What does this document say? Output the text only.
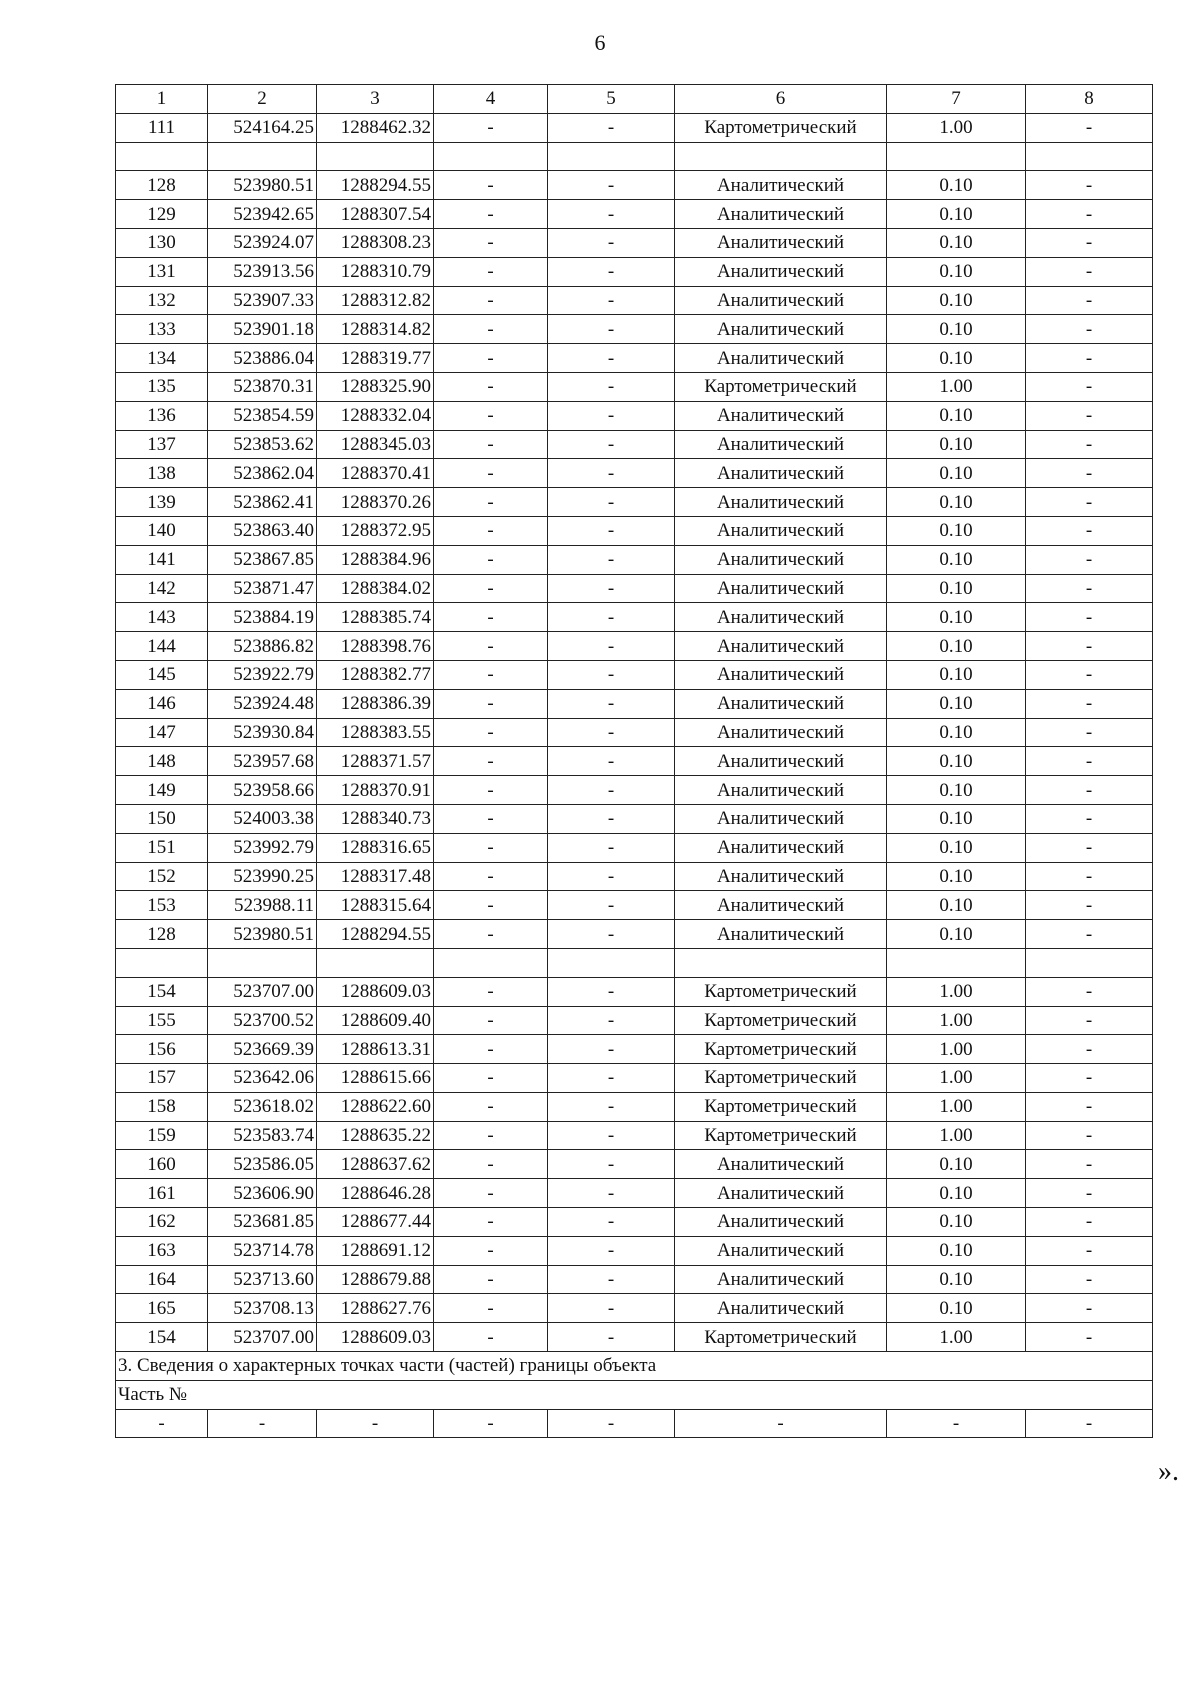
6
1	2	3	4	5	6	7	8
111	524164.25	1288462.32	-	-	Картометрический	1.00	-

128	523980.51	1288294.55	-	-	Аналитический	0.10	-
129	523942.65	1288307.54	-	-	Аналитический	0.10	-
130	523924.07	1288308.23	-	-	Аналитический	0.10	-
131	523913.56	1288310.79	-	-	Аналитический	0.10	-
132	523907.33	1288312.82	-	-	Аналитический	0.10	-
133	523901.18	1288314.82	-	-	Аналитический	0.10	-
134	523886.04	1288319.77	-	-	Аналитический	0.10	-
135	523870.31	1288325.90	-	-	Картометрический	1.00	-
136	523854.59	1288332.04	-	-	Аналитический	0.10	-
137	523853.62	1288345.03	-	-	Аналитический	0.10	-
138	523862.04	1288370.41	-	-	Аналитический	0.10	-
139	523862.41	1288370.26	-	-	Аналитический	0.10	-
140	523863.40	1288372.95	-	-	Аналитический	0.10	-
141	523867.85	1288384.96	-	-	Аналитический	0.10	-
142	523871.47	1288384.02	-	-	Аналитический	0.10	-
143	523884.19	1288385.74	-	-	Аналитический	0.10	-
144	523886.82	1288398.76	-	-	Аналитический	0.10	-
145	523922.79	1288382.77	-	-	Аналитический	0.10	-
146	523924.48	1288386.39	-	-	Аналитический	0.10	-
147	523930.84	1288383.55	-	-	Аналитический	0.10	-
148	523957.68	1288371.57	-	-	Аналитический	0.10	-
149	523958.66	1288370.91	-	-	Аналитический	0.10	-
150	524003.38	1288340.73	-	-	Аналитический	0.10	-
151	523992.79	1288316.65	-	-	Аналитический	0.10	-
152	523990.25	1288317.48	-	-	Аналитический	0.10	-
153	523988.11	1288315.64	-	-	Аналитический	0.10	-
128	523980.51	1288294.55	-	-	Аналитический	0.10	-

154	523707.00	1288609.03	-	-	Картометрический	1.00	-
155	523700.52	1288609.40	-	-	Картометрический	1.00	-
156	523669.39	1288613.31	-	-	Картометрический	1.00	-
157	523642.06	1288615.66	-	-	Картометрический	1.00	-
158	523618.02	1288622.60	-	-	Картометрический	1.00	-
159	523583.74	1288635.22	-	-	Картометрический	1.00	-
160	523586.05	1288637.62	-	-	Аналитический	0.10	-
161	523606.90	1288646.28	-	-	Аналитический	0.10	-
162	523681.85	1288677.44	-	-	Аналитический	0.10	-
163	523714.78	1288691.12	-	-	Аналитический	0.10	-
164	523713.60	1288679.88	-	-	Аналитический	0.10	-
165	523708.13	1288627.76	-	-	Аналитический	0.10	-
154	523707.00	1288609.03	-	-	Картометрический	1.00	-
3. Сведения о характерных точках части (частей) границы объекта							
Часть №							
-	-	-	-	-	-	-	-
».
